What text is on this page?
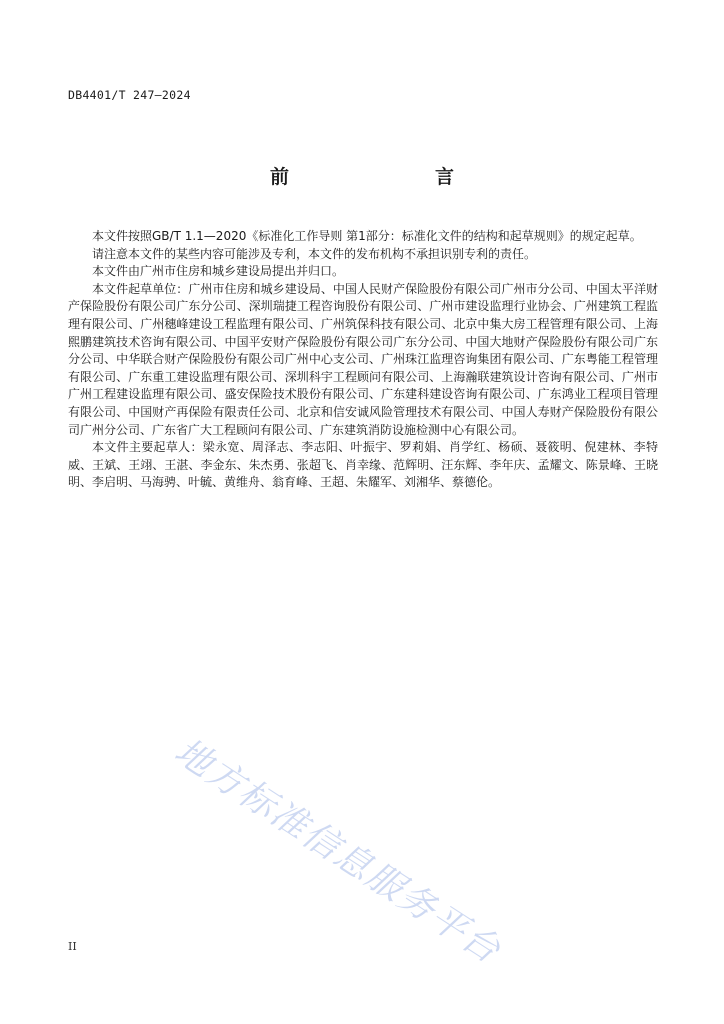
DB4401/T 247—2024
前　　言

本文件按照GB/T 1.1—2020《标准化工作导则 第1部分：标准化文件的结构和起草规则》的规定起草。

请注意本文件的某些内容可能涉及专利，本文件的发布机构不承担识别专利的责任。

本文件由广州市住房和城乡建设局提出并归口。

本文件起草单位：广州市住房和城乡建设局、中国人民财产保险股份有限公司广州市分公司、中国太平洋财产保险股份有限公司广东分公司、深圳瑞捷工程咨询股份有限公司、广州市建设监理行业协会、广州建筑工程监理有限公司、广州穗峰建设工程监理有限公司、广州筑保科技有限公司、北京中集大房工程管理有限公司、上海熙鹏建筑技术咨询有限公司、中国平安财产保险股份有限公司广东分公司、中国大地财产保险股份有限公司广东分公司、中华联合财产保险股份有限公司广州中心支公司、广州珠江监理咨询集团有限公司、广东粤能工程管理有限公司、广东重工建设监理有限公司、深圳科宇工程顾问有限公司、上海瀚联建筑设计咨询有限公司、广州市广州工程建设监理有限公司、盛安保险技术股份有限公司、广东建科建设咨询有限公司、广东鸿业工程项目管理有限公司、中国财产再保险有限责任公司、北京和信安诚风险管理技术有限公司、中国人寿财产保险股份有限公司广州分公司、广东省广大工程顾问有限公司、广东建筑消防设施检测中心有限公司。

本文件主要起草人：梁永宽、周泽志、李志阳、叶振宇、罗莉娟、肖学红、杨硕、聂筱明、倪建林、李特威、王斌、王翊、王湛、李金东、朱杰勇、张超飞、肖幸缘、范辉明、汪东辉、李年庆、孟耀文、陈景峰、王晓明、李启明、马海骋、叶毓、黄维舟、翁育峰、王超、朱耀军、刘湘华、蔡德伦。

地方标准信息服务平台
II
